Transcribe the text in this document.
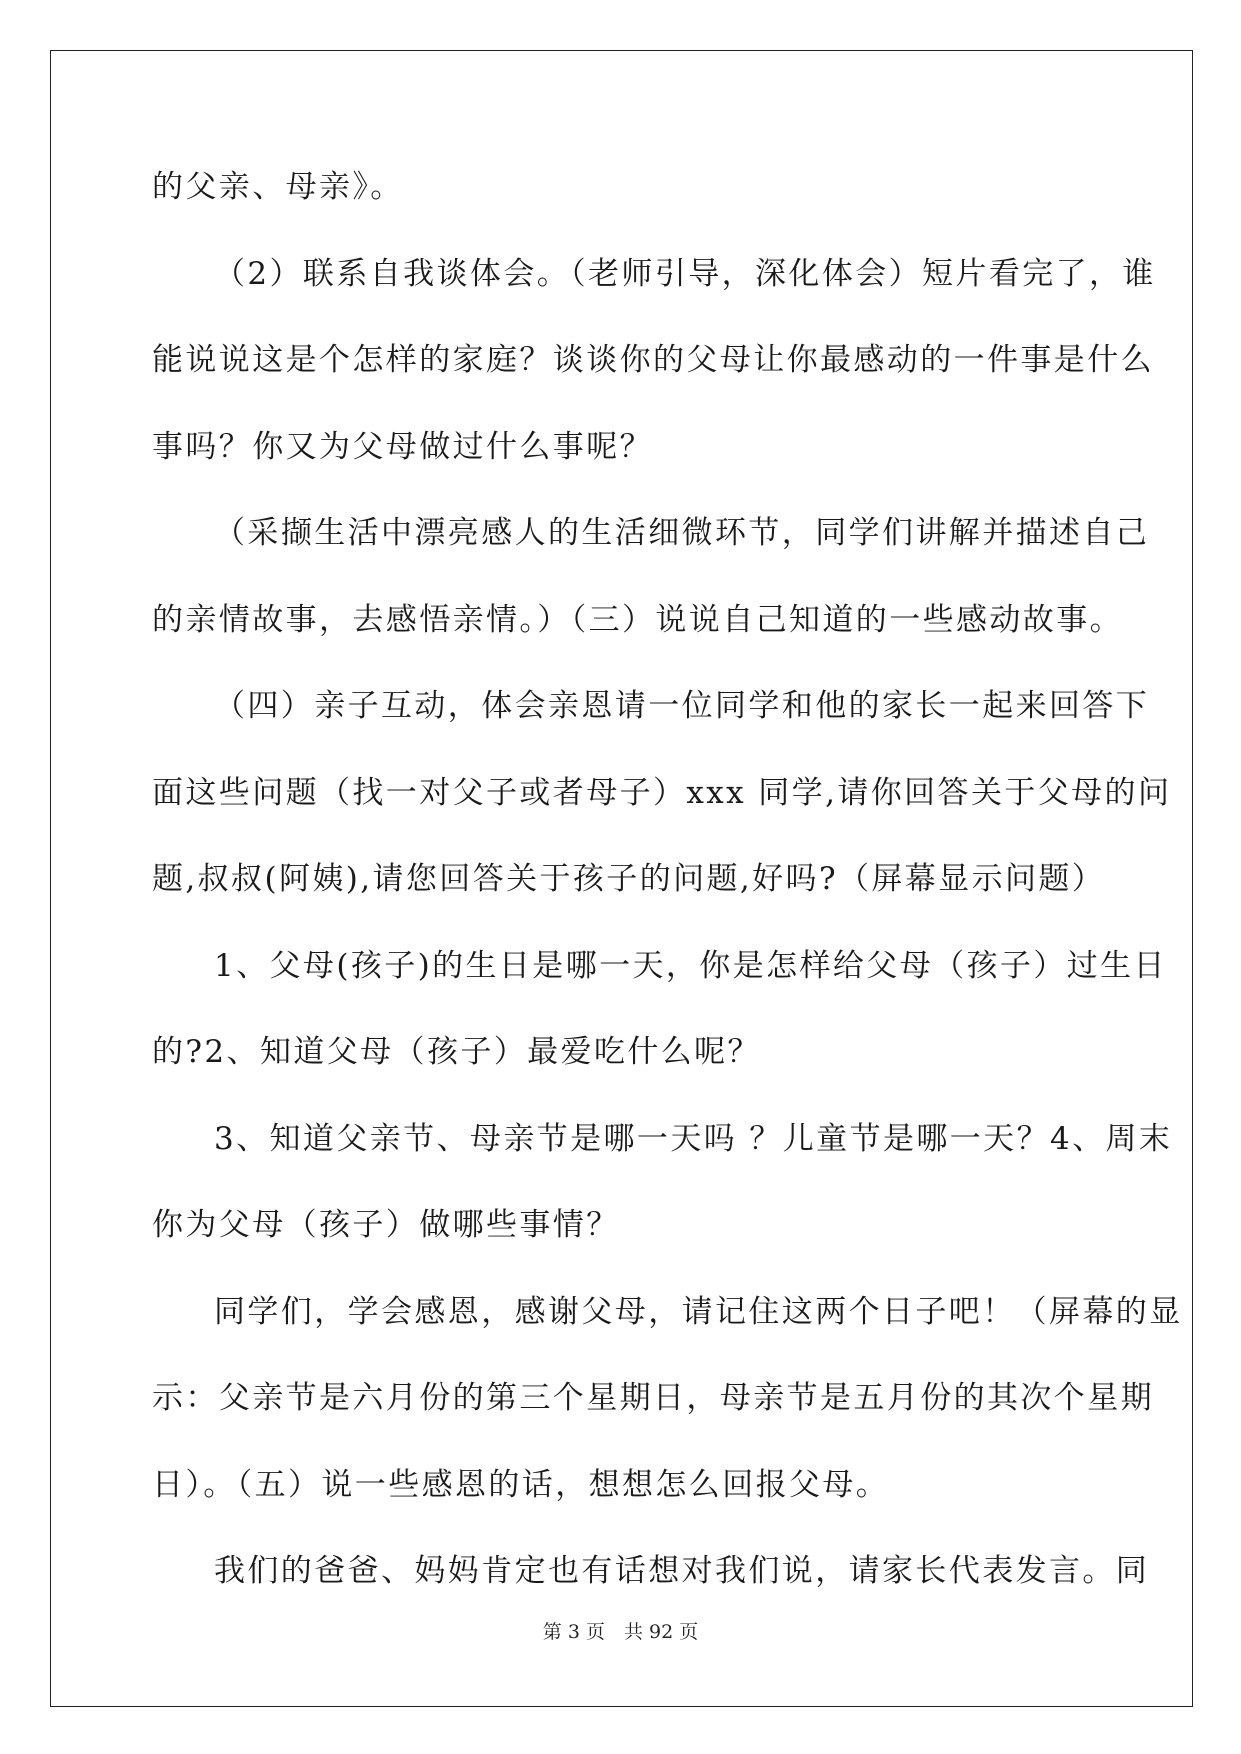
的父亲、母亲》。
（2）联系自我谈体会。（老师引导，深化体会）短片看完了，谁
能说说这是个怎样的家庭？谈谈你的父母让你最感动的一件事是什么
事吗？你又为父母做过什么事呢？
（采撷生活中漂亮感人的生活细微环节，同学们讲解并描述自己
的亲情故事，去感悟亲情。）（三）说说自己知道的一些感动故事。
（四）亲子互动，体会亲恩请一位同学和他的家长一起来回答下
面这些问题（找一对父子或者母子）xxx 同学,请你回答关于父母的问
题,叔叔(阿姨),请您回答关于孩子的问题,好吗?（屏幕显示问题）
1、父母(孩子)的生日是哪一天，你是怎样给父母（孩子）过生日
的?2、知道父母（孩子）最爱吃什么呢？
3、知道父亲节、母亲节是哪一天吗 ？儿童节是哪一天？4、周末
你为父母（孩子）做哪些事情？
同学们，学会感恩，感谢父母，请记住这两个日子吧！（屏幕的显
示：父亲节是六月份的第三个星期日，母亲节是五月份的其次个星期
日）。（五）说一些感恩的话，想想怎么回报父母。
我们的爸爸、妈妈肯定也有话想对我们说，请家长代表发言。同
第 3 页　共 92 页
